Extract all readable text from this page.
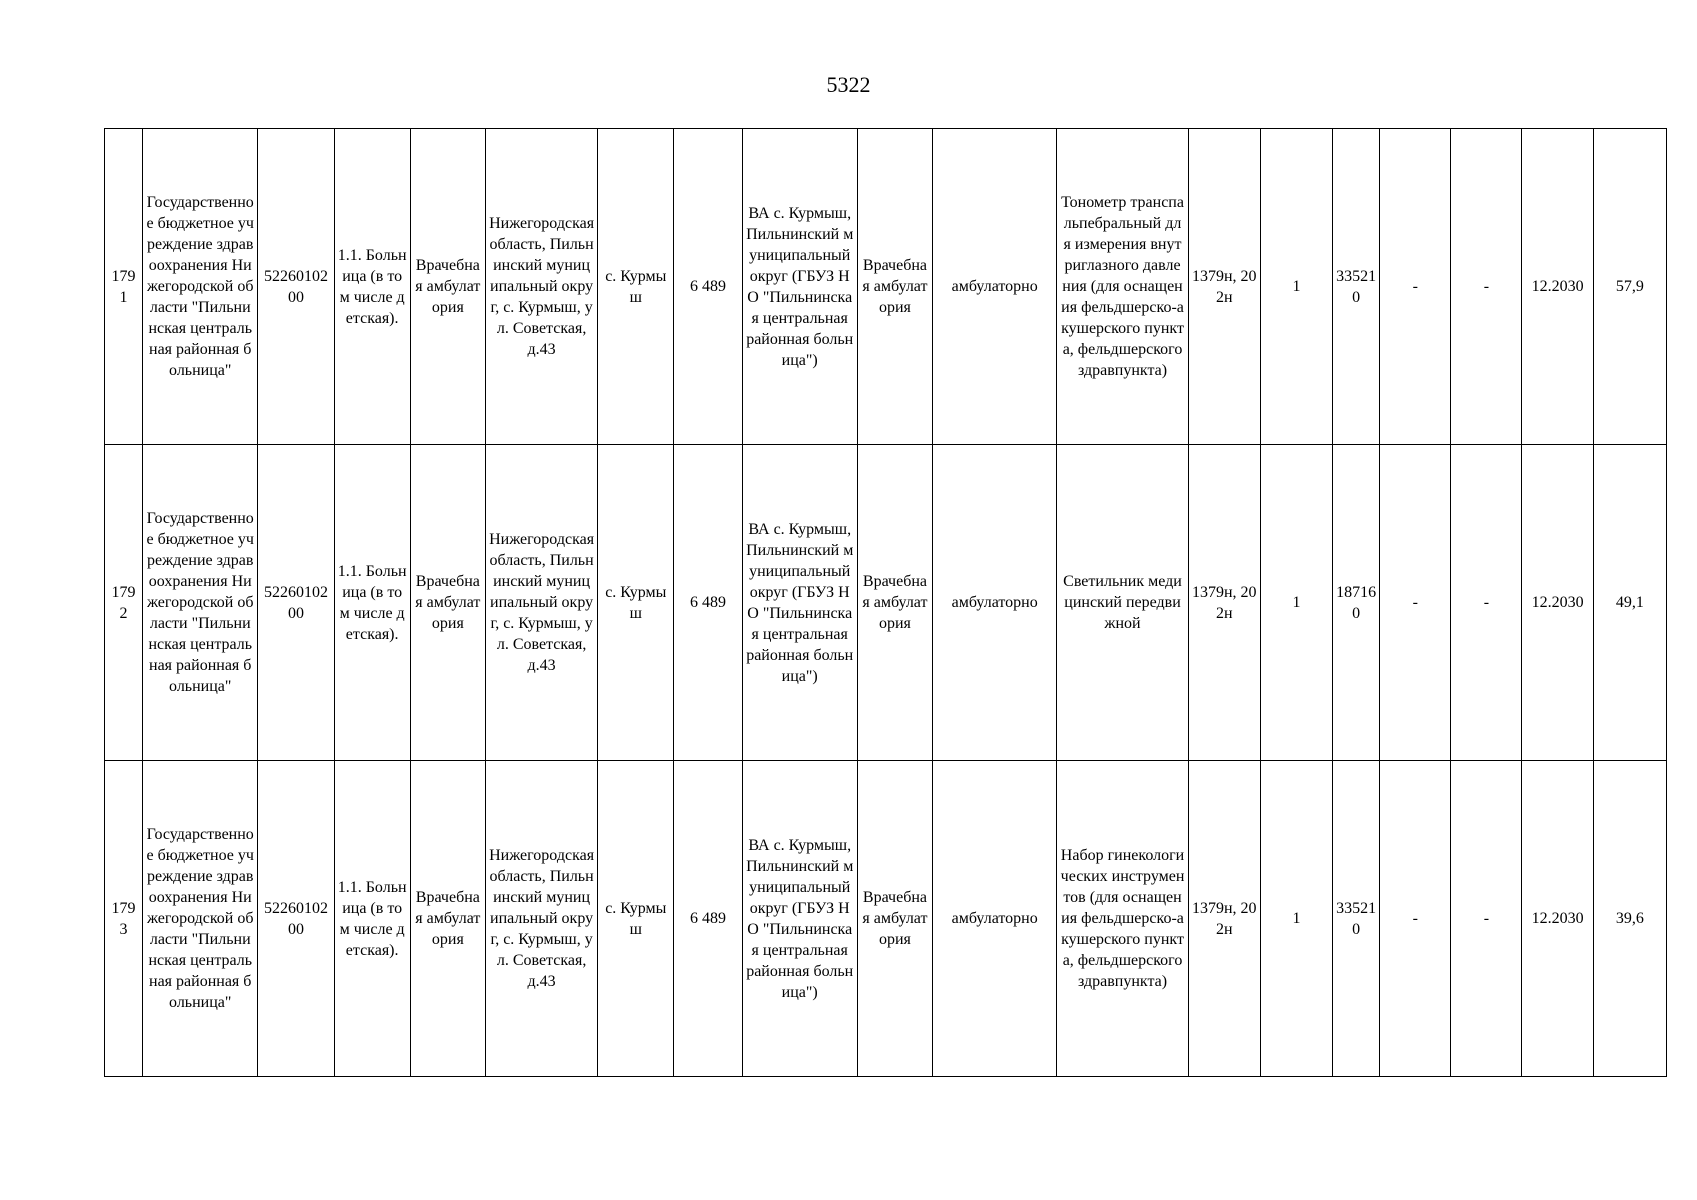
5322
1791	Государственное бюджетное учреждение здравоохранения Нижегородской области "Пильнинская центральная районная больница"	5226010200	1.1. Больница (в том числе детская).	Врачебная амбулатория	Нижегородская область, Пильнинский муниципальный округ, с. Курмыш, ул. Советская, д.43	с. Курмыш	6 489	ВА с. Курмыш, Пильнинский муниципальный округ (ГБУЗ НО "Пильнинская центральная районная больница")	Врачебная амбулатория	амбулаторно	Тонометр транспальпебральный для измерения внутриглазного давления (для оснащения фельдшерско-акушерского пункта, фельдшерского здравпункта)	1379н, 202н	1	335210	-	-	12.2030	57,9
1792	Государственное бюджетное учреждение здравоохранения Нижегородской области "Пильнинская центральная районная больница"	5226010200	1.1. Больница (в том числе детская).	Врачебная амбулатория	Нижегородская область, Пильнинский муниципальный округ, с. Курмыш, ул. Советская, д.43	с. Курмыш	6 489	ВА с. Курмыш, Пильнинский муниципальный округ (ГБУЗ НО "Пильнинская центральная районная больница")	Врачебная амбулатория	амбулаторно	Светильник медицинский передвижной	1379н, 202н	1	187160	-	-	12.2030	49,1
1793	Государственное бюджетное учреждение здравоохранения Нижегородской области "Пильнинская центральная районная больница"	5226010200	1.1. Больница (в том числе детская).	Врачебная амбулатория	Нижегородская область, Пильнинский муниципальный округ, с. Курмыш, ул. Советская, д.43	с. Курмыш	6 489	ВА с. Курмыш, Пильнинский муниципальный округ (ГБУЗ НО "Пильнинская центральная районная больница")	Врачебная амбулатория	амбулаторно	Набор гинекологических инструментов (для оснащения фельдшерско-акушерского пункта, фельдшерского здравпункта)	1379н, 202н	1	335210	-	-	12.2030	39,6
